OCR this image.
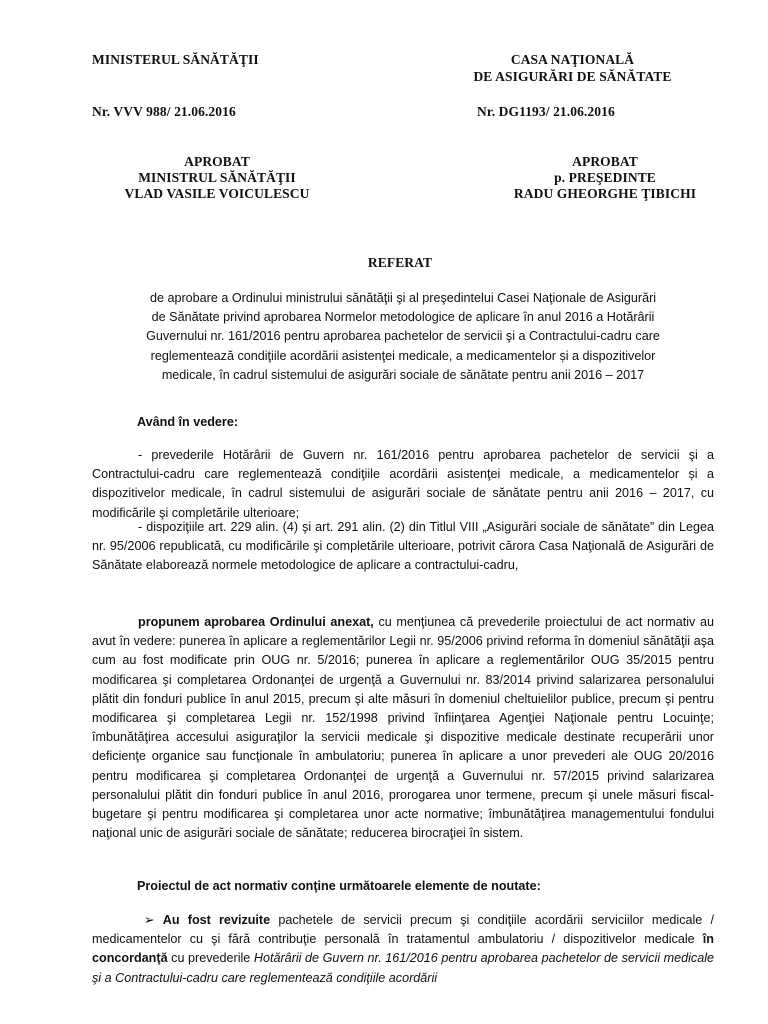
MINISTERUL SĂNĂTĂŢII	CASA NAŢIONALĂ
DE ASIGURĂRI DE SĂNĂTATE
Nr. VVV 988/ 21.06.2016	Nr. DG1193/ 21.06.2016
APROBAT
MINISTRUL SĂNĂTĂŢII
VLAD VASILE VOICULESCU
APROBAT
p. PREŞEDINTE
RADU GHEORGHE ŢIBICHI
REFERAT
de aprobare a Ordinului ministrului sănătăţii şi al preşedintelui Casei Naţionale de Asigurări
de Sănătate privind aprobarea Normelor metodologice de aplicare în anul 2016 a Hotărârii
Guvernului nr. 161/2016 pentru aprobarea pachetelor de servicii şi a Contractului-cadru care
reglementează condiţiile acordării asistenţei medicale, a medicamentelor și a dispozitivelor
medicale, în cadrul sistemului de asigurări sociale de sănătate pentru anii 2016 – 2017
Având în vedere:
- prevederile Hotărârii de Guvern nr. 161/2016 pentru aprobarea pachetelor de servicii şi a Contractului-cadru care reglementează condiţiile acordării asistenţei medicale, a medicamentelor și a dispozitivelor medicale, în cadrul sistemului de asigurări sociale de sănătate pentru anii 2016 – 2017, cu modificările şi completările ulterioare;
- dispoziţiile art. 229 alin. (4) şi art. 291 alin. (2) din Titlul VIII „Asigurări sociale de sănătate” din Legea nr. 95/2006 republicată, cu modificările şi completările ulterioare, potrivit cărora Casa Naţională de Asigurări de Sănătate elaborează normele metodologice de aplicare a contractului-cadru,
propunem aprobarea Ordinului anexat, cu menţiunea că prevederile proiectului de act normativ au avut în vedere: punerea în aplicare a reglementărilor Legii nr. 95/2006 privind reforma în domeniul sănătăţii aşa cum au fost modificate prin OUG nr. 5/2016; punerea în aplicare a reglementărilor OUG 35/2015 pentru modificarea şi completarea Ordonanţei de urgenţă a Guvernului nr. 83/2014 privind salarizarea personalului plătit din fonduri publice în anul 2015, precum şi alte măsuri în domeniul cheltuielilor publice, precum şi pentru modificarea şi completarea Legii nr. 152/1998 privind înfiinţarea Agenţiei Naţionale pentru Locuinţe; îmbunătăţirea accesului asiguraţilor la servicii medicale şi dispozitive medicale destinate recuperării unor deficienţe organice sau funcţionale în ambulatoriu; punerea în aplicare a unor prevederi ale OUG 20/2016 pentru modificarea şi completarea Ordonanţei de urgenţă a Guvernului nr. 57/2015 privind salarizarea personalului plătit din fonduri publice în anul 2016, prorogarea unor termene, precum şi unele măsuri fiscal-bugetare şi pentru modificarea şi completarea unor acte normative; îmbunătăţirea managementului fondului naţional unic de asigurări sociale de sănătate; reducerea birocraţiei în sistem.
Proiectul de act normativ conţine următoarele elemente de noutate:
➢ Au fost revizuite pachetele de servicii precum şi condiţiile acordării serviciilor medicale / medicamentelor cu şi fără contribuţie personală în tratamentul ambulatoriu / dispozitivelor medicale în concordanţă cu prevederile Hotărârii de Guvern nr. 161/2016 pentru aprobarea pachetelor de servicii medicale şi a Contractului-cadru care reglementează condiţiile acordării
